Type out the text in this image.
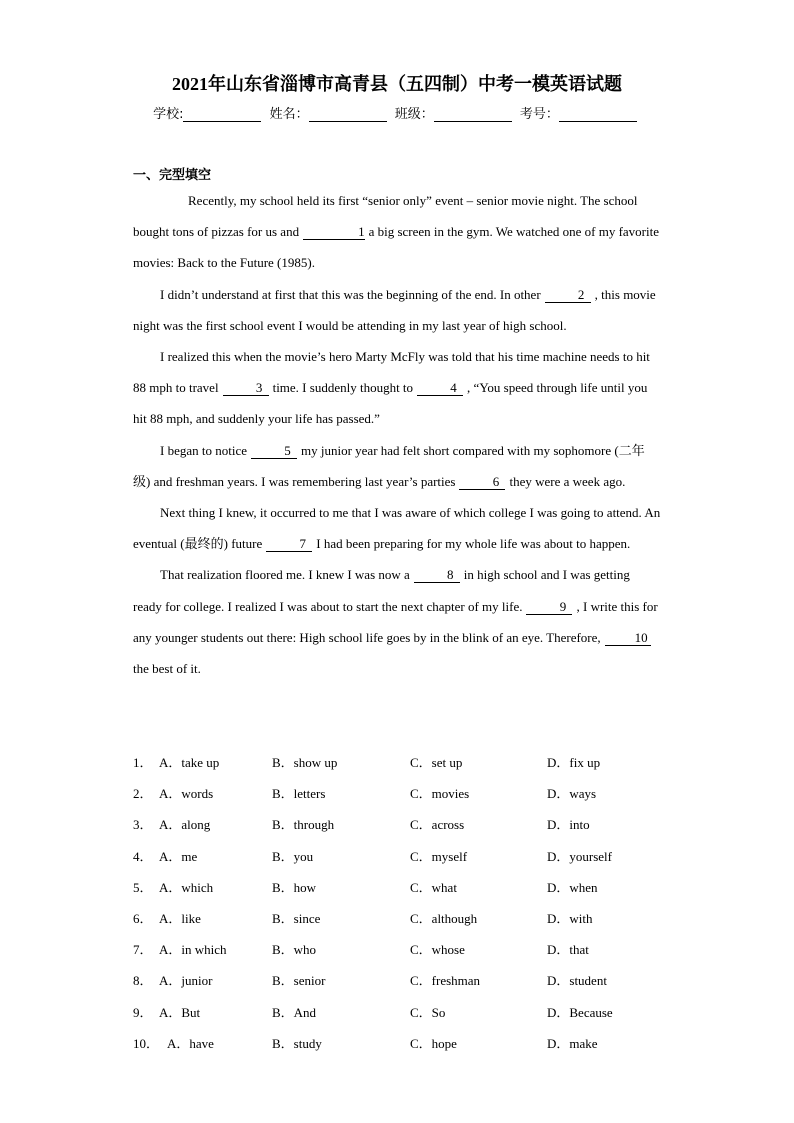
2021年山东省淄博市高青县（五四制）中考一模英语试题
学校:	姓名：	班级：	考号：
一、完型填空

Recently, my school held its first “senior only” event – senior movie night. The school bought tons of pizzas for us and	1 a big screen in the gym. We watched one of my favorite movies: Back to the Future (1985).

I didn’t understand at first that this was the beginning of the end. In other	2 , this movie night was the first school event I would be attending in my last year of high school.

I realized this when the movie’s hero Marty McFly was told that his time machine needs to hit 88 mph to travel	3 time. I suddenly thought to	4 , “You speed through life until you hit 88 mph, and suddenly your life has passed.”

I began to notice	5 my junior year had felt short compared with my sophomore (二年级) and freshman years. I was remembering last year’s parties	6 they were a week ago.

Next thing I knew, it occurred to me that I was aware of which college I was going to attend. An eventual (最终的) future	7 I had been preparing for my whole life was about to happen.

That realization floored me. I knew I was now a	8 in high school and I was getting ready for college. I realized I was about to start the next chapter of my life.	9 , I write this for any younger students out there: High school life goes by in the blink of an eye. Therefore,	10the best of it.

1． A．take up	B．show up	C．set up	D．fix up
2． A．words	B．letters	C．movies	D．ways
3． A．along	B．through	C．across	D．into
4． A．me	B．you	C．myself	D．yourself
5． A．which	B．how	C．what	D．when
6． A．like	B．since	C．although	D．with
7． A．in which	B．who	C．whose	D．that
8． A．junior	B．senior	C．freshman	D．student
9． A．But	B．And	C．So	D．Because
10． A．have	B．study	C．hope	D．make
